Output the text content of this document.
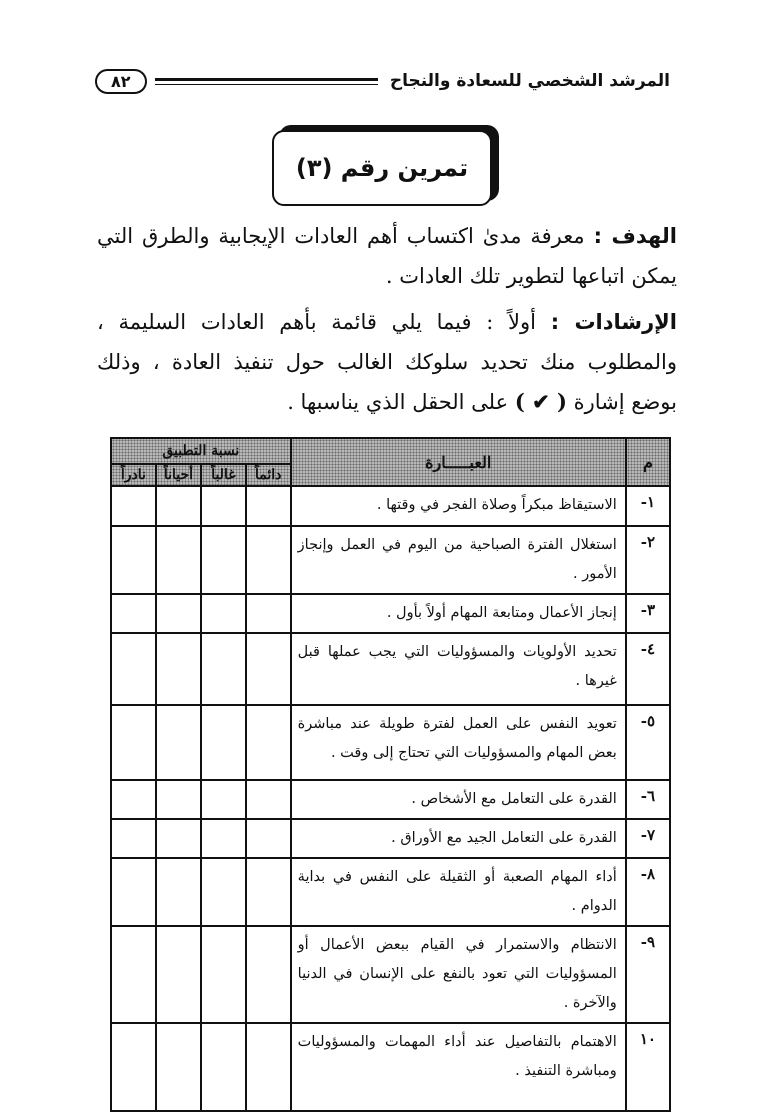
المرشد الشخصي للسعادة والنجاح
٨٢
تمرين رقم (٣)
الهدف : معرفة مدىٰ اكتساب أهم العادات الإيجابية والطرق التي يمكن اتباعها لتطوير تلك العادات .
الإرشادات : أولاً : فيما يلي قائمة بأهم العادات السليمة ، والمطلوب منك تحديد سلوكك الغالب حول تنفيذ العادة ، وذلك بوضع إشارة ( ✔ ) على الحقل الذي يناسبها .
م	العبـــــارة	نسبة التطبيق			
		دائماً	غالباً	أحياناً	نادراً
١-	الاستيقاظ مبكراً وصلاة الفجر في وقتها .				
٢-	استغلال الفترة الصباحية من اليوم في العمل وإنجاز الأمور .				
٣-	إنجاز الأعمال ومتابعة المهام أولاً بأول .				
٤-	تحديد الأولويات والمسؤوليات التي يجب عملها قبل غيرها .				
٥-	تعويد النفس على العمل لفترة طويلة عند مباشرة بعض المهام والمسؤوليات التي تحتاج إلى وقت .				
٦-	القدرة على التعامل مع الأشخاص .				
٧-	القدرة على التعامل الجيد مع الأوراق .				
٨-	أداء المهام الصعبة أو الثقيلة على النفس في بداية الدوام .				
٩-	الانتظام والاستمرار في القيام ببعض الأعمال أو المسؤوليات التي تعود بالنفع على الإنسان في الدنيا والآخرة .				
١٠	الاهتمام بالتفاصيل عند أداء المهمات والمسؤوليات ومباشرة التنفيذ .				
